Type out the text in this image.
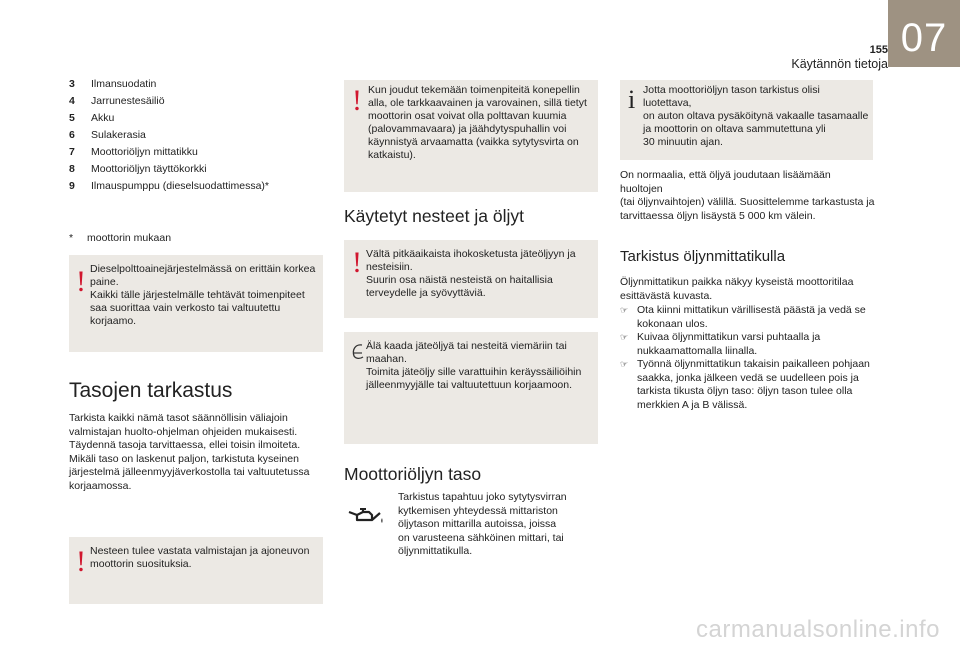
155
Käytännön tietoja
07
3	Ilmansuodatin
4	Jarrunestesäiliö
5	Akku
6	Sulakerasia
7	Moottoriöljyn mittatikku
8	Moottoriöljyn täyttökorkki
9	Ilmauspumppu (dieselsuodattimessa)*
* moottorin mukaan
! Dieselpolttoainejärjestelmässä on erittäin korkea paine.
Kaikki tälle järjestelmälle tehtävät toimenpiteet saa suorittaa vain verkosto tai valtuutettu korjaamo.

Tasojen tarkastus
Tarkista kaikki nämä tasot säännöllisin väliajoin
valmistajan huolto-ohjelman ohjeiden mukaisesti.
Täydennä tasoja tarvittaessa, ellei toisin ilmoiteta.
Mikäli taso on laskenut paljon, tarkistuta kyseinen
järjestelmä jälleenmyyjäverkostolla tai valtuutetussa
korjaamossa.
! Nesteen tulee vastata valmistajan ja ajoneuvon
moottorin suosituksia.

! Kun joudut tekemään toimenpiteitä konepellin
alla, ole tarkkaavainen ja varovainen, sillä tietyt
moottorin osat voivat olla polttavan kuumia
(palovammavaara) ja jäähdytyspuhallin voi
käynnistyä arvaamatta (vaikka sytytysvirta on
katkaistu).

Käytetyt nesteet ja öljyt
! Vältä pitkäaikaista ihokosketusta jäteöljyyn ja
nesteisiin.
Suurin osa näistä nesteistä on haitallisia
terveydelle ja syövyttäviä.

Älä kaada jäteöljyä tai nesteitä viemäriin tai
maahan.
Toimita jäteöljy sille varattuihin keräyssäiliöihin
jälleenmyyjälle tai valtuutettuun korjaamoon.

Moottoriöljyn taso
Tarkistus tapahtuu joko sytytysvirran
kytkemisen yhteydessä mittariston
öljytason mittarilla autoissa, joissa
on varusteena sähköinen mittari, tai
öljynmittatikulla.
i Jotta moottoriöljyn tason tarkistus olisi luotettava,
on auton oltava pysäköitynä vakaalle tasamaalle
ja moottorin on oltava sammutettuna yli
30 minuutin ajan.

On normaalia, että öljyä joudutaan lisäämään huoltojen
(tai öljynvaihtojen) välillä. Suosittelemme tarkastusta ja
tarvittaessa öljyn lisäystä 5 000 km välein.
Tarkistus öljynmittatikulla
Öljynmittatikun paikka näkyy kyseistä moottoritilaa
esittävästä kuvasta.
☞ Ota kiinni mittatikun värillisestä päästä ja vedä se
kokonaan ulos.
☞ Kuivaa öljynmittatikun varsi puhtaalla ja
nukkaamattomalla liinalla.
☞ Työnnä öljynmittatikun takaisin paikalleen pohjaan
saakka, jonka jälkeen vedä se uudelleen pois ja
tarkista tikusta öljyn taso: öljyn tason tulee olla
merkkien A ja B välissä.
carmanualsonline.info
